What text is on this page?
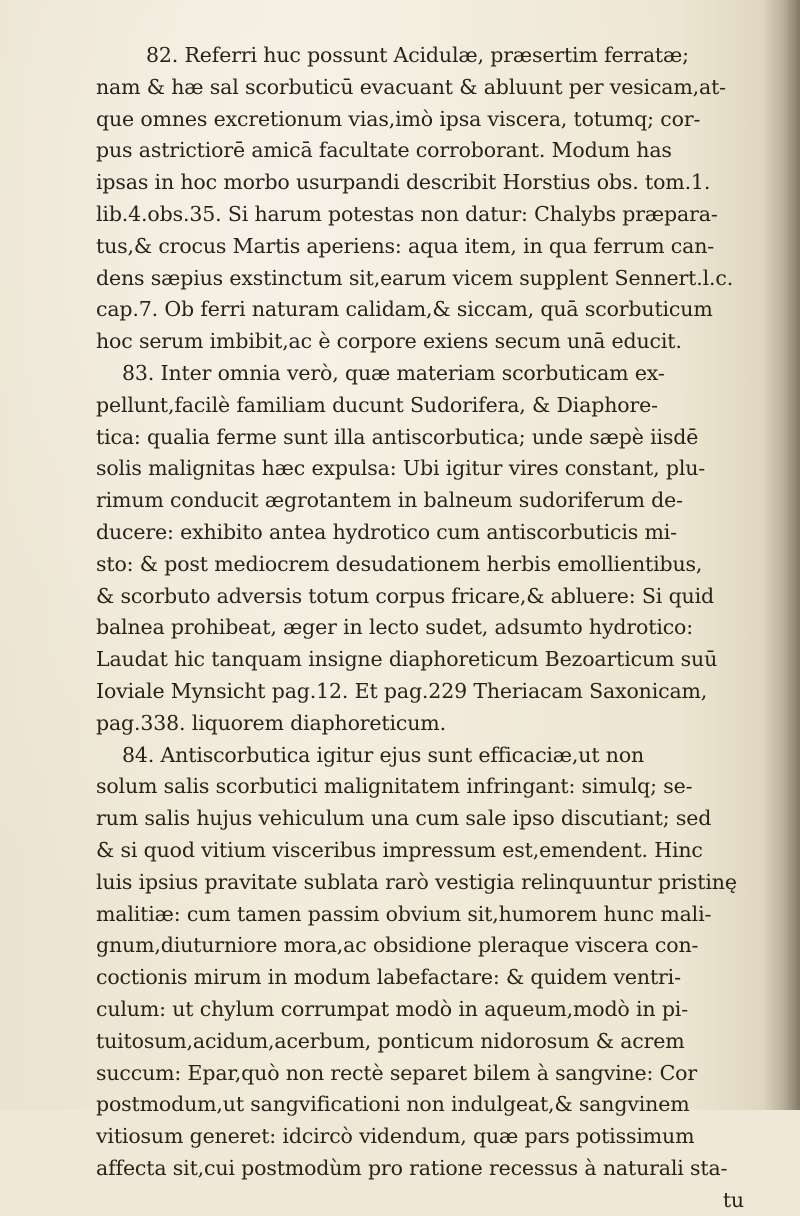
82. Referri huc possunt Acidulæ, præsertim ferratæ;
nam & hæ sal scorbuticū evacuant & abluunt per vesicam,at-
que omnes excretionum vias,imò ipsa viscera, totumq; cor-
pus astrictiorē amicā facultate corroborant. Modum has
ipsas in hoc morbo usurpandi describit Horstius obs. tom.1.
lib.4.obs.35. Si harum potestas non datur: Chalybs præpara-
tus,& crocus Martis aperiens: aqua item, in qua ferrum can-
dens sæpius exstinctum sit,earum vicem supplent Sennert.l.c.
cap.7. Ob ferri naturam calidam,& siccam, quā scorbuticum
hoc serum imbibit,ac è corpore exiens secum unā educit.
83. Inter omnia verò, quæ materiam scorbuticam ex-
pellunt,facilè familiam ducunt Sudorifera, & Diaphore-
tica: qualia ferme sunt illa antiscorbutica; unde sæpè iisdē
solis malignitas hæc expulsa: Ubi igitur vires constant, plu-
rimum conducit ægrotantem in balneum sudoriferum de-
ducere: exhibito antea hydrotico cum antiscorbuticis mi-
sto: & post mediocrem desudationem herbis emollientibus,
& scorbuto adversis totum corpus fricare,& abluere: Si quid
balnea prohibeat, æger in lecto sudet, adsumto hydrotico:
Laudat hic tanquam insigne diaphoreticum Bezoarticum suū
Ioviale Mynsicht pag.12. Et pag.229 Theriacam Saxonicam,
pag.338. liquorem diaphoreticum.
84. Antiscorbutica igitur ejus sunt efficaciæ,ut non
solum salis scorbutici malignitatem infringant: simulq; se-
rum salis hujus vehiculum una cum sale ipso discutiant; sed
& si quod vitium visceribus impressum est,emendent. Hinc
luis ipsius pravitate sublata rarò vestigia relinquuntur pristinę
malitiæ: cum tamen passim obvium sit,humorem hunc mali-
gnum,diuturniore mora,ac obsidione pleraque viscera con-
coctionis mirum in modum labefactare: & quidem ventri-
culum: ut chylum corrumpat modò in aqueum,modò in pi-
tuitosum,acidum,acerbum, ponticum nidorosum & acrem
succum: Epar,quò non rectè separet bilem à sangvine: Cor
postmodum,ut sangvificationi non indulgeat,& sangvinem
vitiosum generet: idcircò videndum, quæ pars potissimum
affecta sit,cui postmodùm pro ratione recessus à naturali sta-
tu
